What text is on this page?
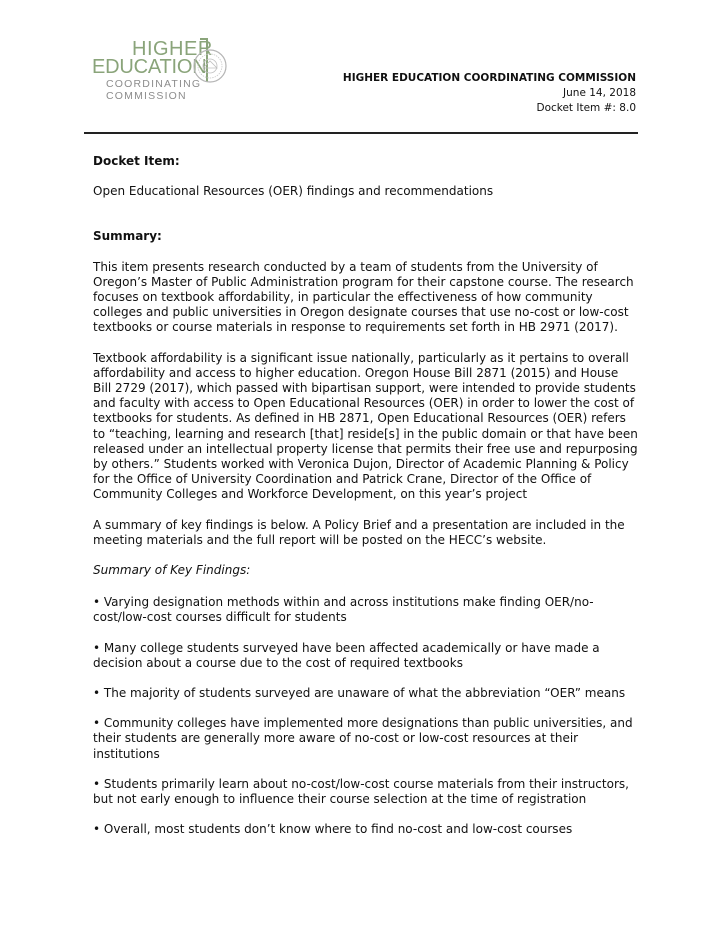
HIGHER
EDUCATION
COORDINATING
COMMISSION
HIGHER EDUCATION COORDINATING COMMISSION
June 14, 2018
Docket Item #: 8.0

Docket Item:

Open Educational Resources (OER) findings and recommendations

Summary:

This item presents research conducted by a team of students from the University of Oregon’s Master of Public Administration program for their capstone course. The research focuses on textbook affordability, in particular the effectiveness of how community colleges and public universities in Oregon designate courses that use no-cost or low-cost textbooks or course materials in response to requirements set forth in HB 2971 (2017).

Textbook affordability is a significant issue nationally, particularly as it pertains to overall affordability and access to higher education. Oregon House Bill 2871 (2015) and House Bill 2729 (2017), which passed with bipartisan support, were intended to provide students and faculty with access to Open Educational Resources (OER) in order to lower the cost of textbooks for students. As defined in HB 2871, Open Educational Resources (OER) refers to “teaching, learning and research [that] reside[s] in the public domain or that have been released under an intellectual property license that permits their free use and repurposing by others.” Students worked with Veronica Dujon, Director of Academic Planning & Policy for the Office of University Coordination and Patrick Crane, Director of the Office of Community Colleges and Workforce Development, on this year’s project

A summary of key findings is below. A Policy Brief and a presentation are included in the meeting materials and the full report will be posted on the HECC’s website.

Summary of Key Findings:

• Varying designation methods within and across institutions make finding OER/no-cost/low-cost courses difficult for students

• Many college students surveyed have been affected academically or have made a decision about a course due to the cost of required textbooks

• The majority of students surveyed are unaware of what the abbreviation “OER” means

• Community colleges have implemented more designations than public universities, and their students are generally more aware of no-cost or low-cost resources at their institutions

• Students primarily learn about no-cost/low-cost course materials from their instructors, but not early enough to influence their course selection at the time of registration

• Overall, most students don’t know where to find no-cost and low-cost courses
